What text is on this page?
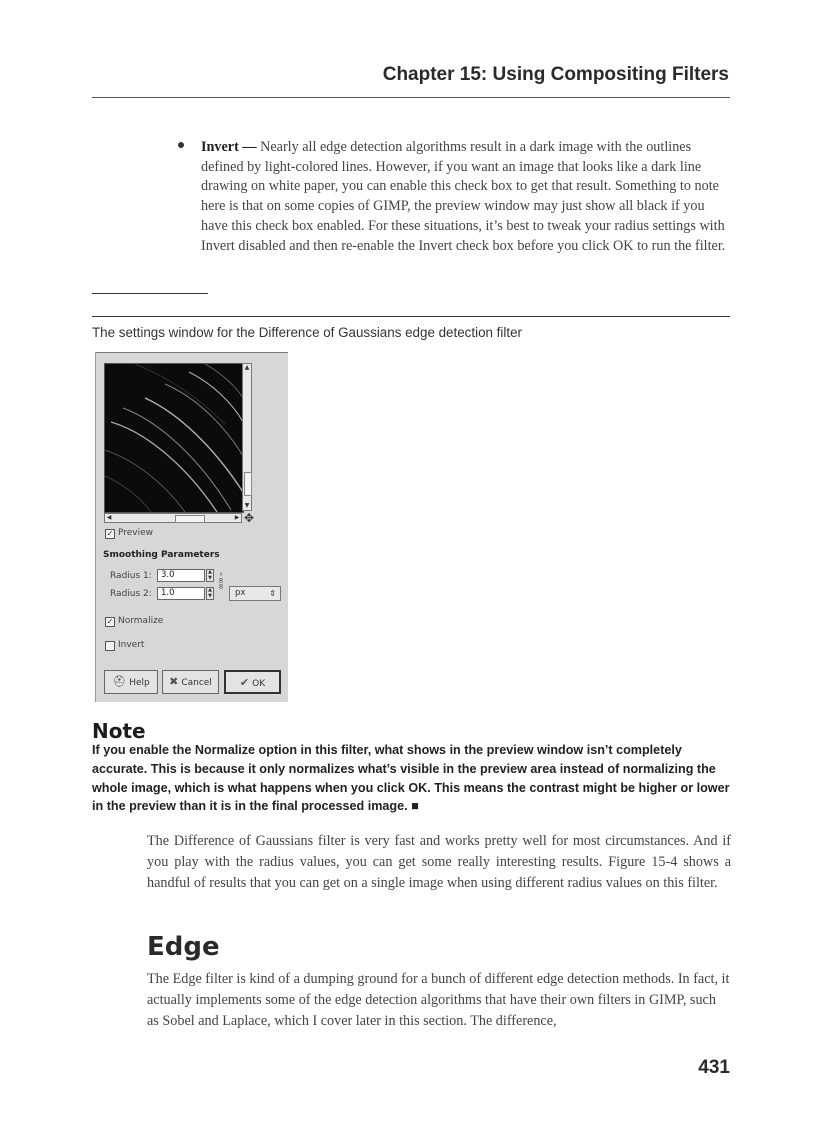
Chapter 15: Using Compositing Filters
Invert — Nearly all edge detection algorithms result in a dark image with the outlines defined by light-colored lines. However, if you want an image that looks like a dark line drawing on white paper, you can enable this check box to get that result. Something to note here is that on some copies of GIMP, the preview window may just show all black if you have this check box enabled. For these situations, it’s best to tweak your radius settings with Invert disabled and then re-enable the Invert check box before you click OK to run the filter.
The settings window for the Difference of Gaussians edge detection filter
▲
▼
◀	▶ ✥
✓ Preview
Smoothing Parameters
Radius 1:	3.0	▲
▼
Radius 2:	1.0	▲
▼
ᵍ
8
8
px	⇕
✓ Normalize
Invert
⛑ Help	✖ Cancel	✔ OK
Note
If you enable the Normalize option in this filter, what shows in the preview window isn’t completely accurate. This is because it only normalizes what’s visible in the preview area instead of normalizing the whole image, which is what happens when you click OK. This means the contrast might be higher or lower in the preview than it is in the final processed image. ■
The Difference of Gaussians filter is very fast and works pretty well for most circumstances. And if you play with the radius values, you can get some really interesting results. Figure 15-4 shows a handful of results that you can get on a single image when using different radius values on this filter.
Edge
The Edge filter is kind of a dumping ground for a bunch of different edge detection methods. In fact, it actually implements some of the edge detection algorithms that have their own filters in GIMP, such as Sobel and Laplace, which I cover later in this section. The difference,
431
